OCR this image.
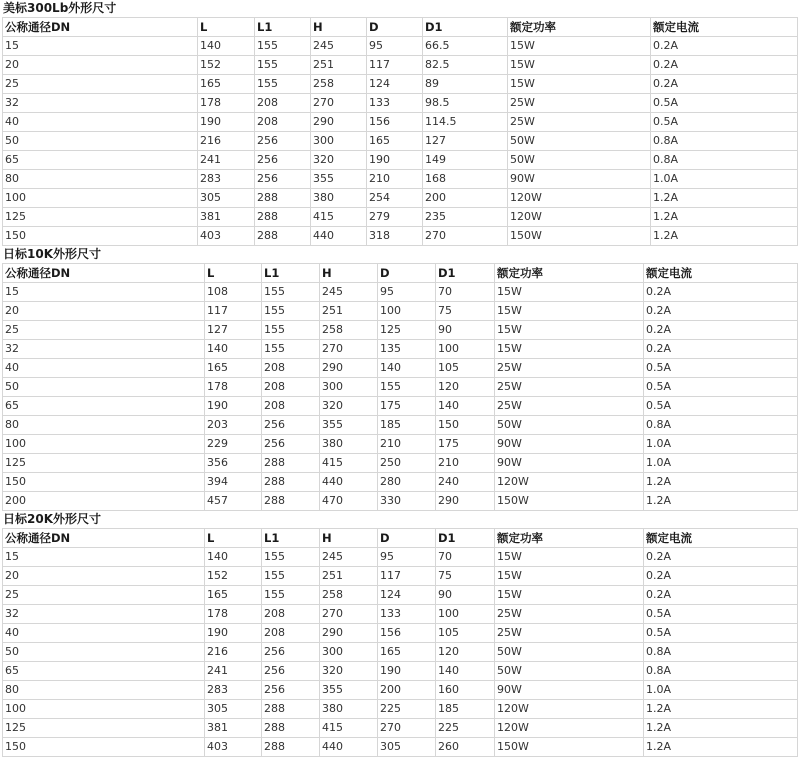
美标300Lb外形尺寸
公称通径DN	L	L1	H	D	D1	额定功率	额定电流
15	140	155	245	95	66.5	15W	0.2A
20	152	155	251	117	82.5	15W	0.2A
25	165	155	258	124	89	15W	0.2A
32	178	208	270	133	98.5	25W	0.5A
40	190	208	290	156	114.5	25W	0.5A
50	216	256	300	165	127	50W	0.8A
65	241	256	320	190	149	50W	0.8A
80	283	256	355	210	168	90W	1.0A
100	305	288	380	254	200	120W	1.2A
125	381	288	415	279	235	120W	1.2A
150	403	288	440	318	270	150W	1.2A
日标10K外形尺寸
公称通径DN	L	L1	H	D	D1	额定功率	额定电流
15	108	155	245	95	70	15W	0.2A
20	117	155	251	100	75	15W	0.2A
25	127	155	258	125	90	15W	0.2A
32	140	155	270	135	100	15W	0.2A
40	165	208	290	140	105	25W	0.5A
50	178	208	300	155	120	25W	0.5A
65	190	208	320	175	140	25W	0.5A
80	203	256	355	185	150	50W	0.8A
100	229	256	380	210	175	90W	1.0A
125	356	288	415	250	210	90W	1.0A
150	394	288	440	280	240	120W	1.2A
200	457	288	470	330	290	150W	1.2A
日标20K外形尺寸
公称通径DN	L	L1	H	D	D1	额定功率	额定电流
15	140	155	245	95	70	15W	0.2A
20	152	155	251	117	75	15W	0.2A
25	165	155	258	124	90	15W	0.2A
32	178	208	270	133	100	25W	0.5A
40	190	208	290	156	105	25W	0.5A
50	216	256	300	165	120	50W	0.8A
65	241	256	320	190	140	50W	0.8A
80	283	256	355	200	160	90W	1.0A
100	305	288	380	225	185	120W	1.2A
125	381	288	415	270	225	120W	1.2A
150	403	288	440	305	260	150W	1.2A
